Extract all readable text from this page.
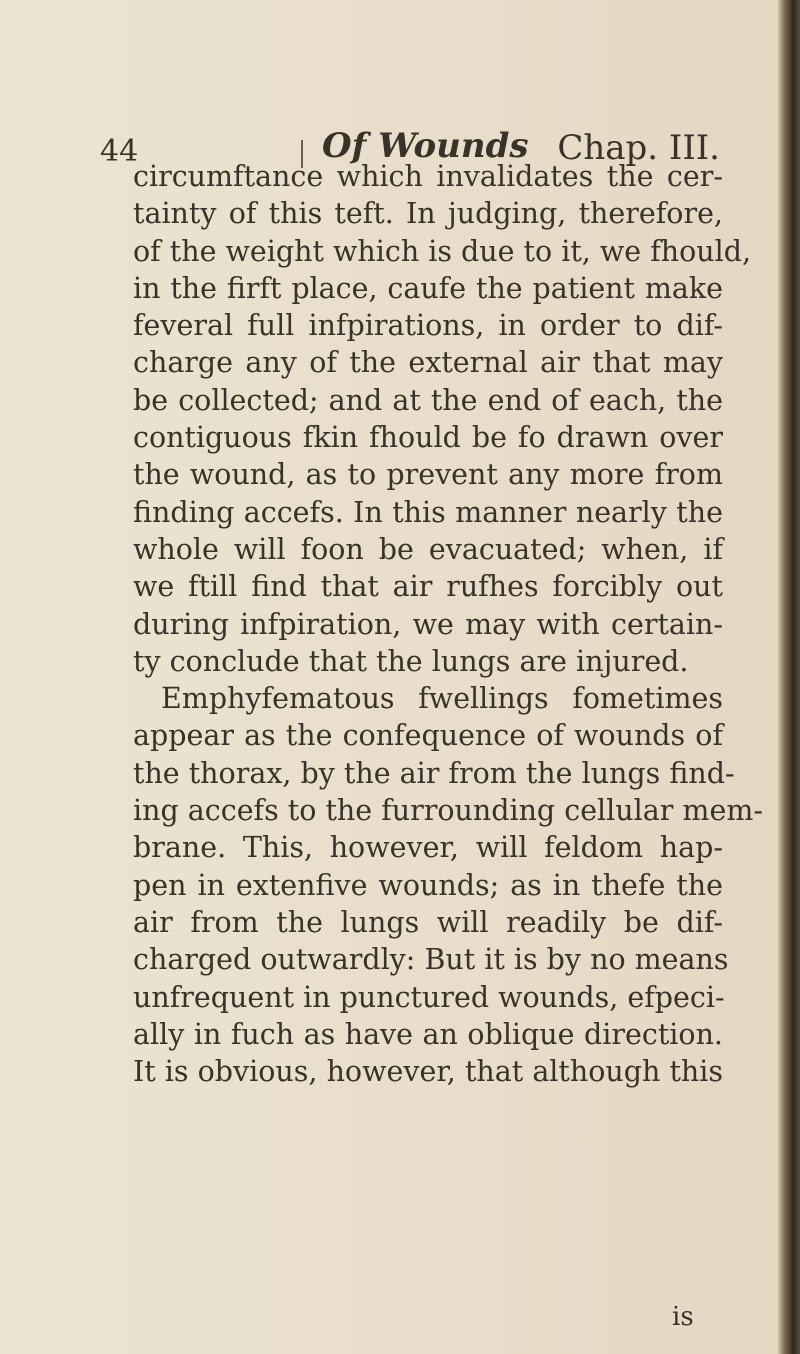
44	Of Wounds Chap. III.
circumftance which invalidates the cer-
tainty of this teft. In judging, therefore,
of the weight which is due to it, we fhould,
in the firft place, caufe the patient make
feveral full infpirations, in order to dif-
charge any of the external air that may
be collected; and at the end of each, the
contiguous fkin fhould be fo drawn over
the wound, as to prevent any more from
finding accefs. In this manner nearly the
whole will foon be evacuated; when, if
we ftill find that air rufhes forcibly out
during infpiration, we may with certain-
ty conclude that the lungs are injured.
Emphyfematous fwellings fometimes
appear as the confequence of wounds of
the thorax, by the air from the lungs find-
ing accefs to the furrounding cellular mem-
brane. This, however, will feldom hap-
pen in extenfive wounds; as in thefe the
air from the lungs will readily be dif-
charged outwardly: But it is by no means
unfrequent in punctured wounds, efpeci-
ally in fuch as have an oblique direction.
It is obvious, however, that although this
is
